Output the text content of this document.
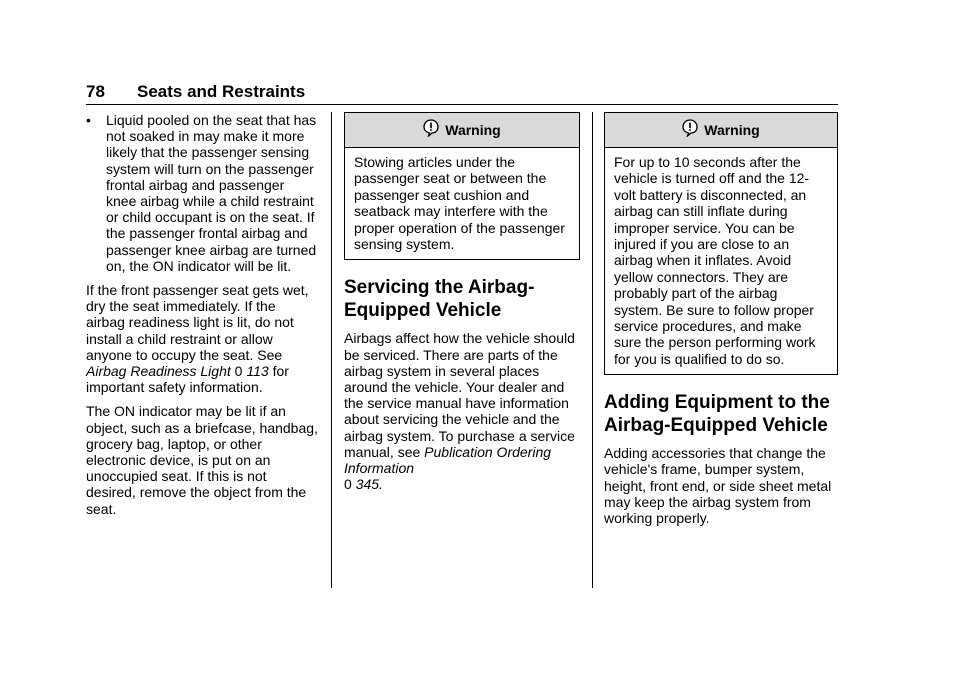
78 Seats and Restraints
• Liquid pooled on the seat that has not soaked in may make it more likely that the passenger sensing system will turn on the passenger frontal airbag and passenger knee airbag while a child restraint or child occupant is on the seat. If the passenger frontal airbag and passenger knee airbag are turned on, the ON indicator will be lit.

If the front passenger seat gets wet, dry the seat immediately. If the airbag readiness light is lit, do not install a child restraint or allow anyone to occupy the seat. See Airbag Readiness Light 0 113 for important safety information.

The ON indicator may be lit if an object, such as a briefcase, handbag, grocery bag, laptop, or other electronic device, is put on an unoccupied seat. If this is not desired, remove the object from the seat.

Warning
Stowing articles under the passenger seat or between the passenger seat cushion and seatback may interfere with the proper operation of the passenger sensing system.
Servicing the Airbag-Equipped Vehicle

Airbags affect how the vehicle should be serviced. There are parts of the airbag system in several places around the vehicle. Your dealer and the service manual have information about servicing the vehicle and the airbag system. To purchase a service manual, see Publication Ordering Information
0 345.

Warning
For up to 10 seconds after the vehicle is turned off and the 12-volt battery is disconnected, an airbag can still inflate during improper service. You can be injured if you are close to an airbag when it inflates. Avoid yellow connectors. They are probably part of the airbag system. Be sure to follow proper service procedures, and make sure the person performing work for you is qualified to do so.
Adding Equipment to the Airbag-Equipped Vehicle

Adding accessories that change the vehicle's frame, bumper system, height, front end, or side sheet metal may keep the airbag system from working properly.
